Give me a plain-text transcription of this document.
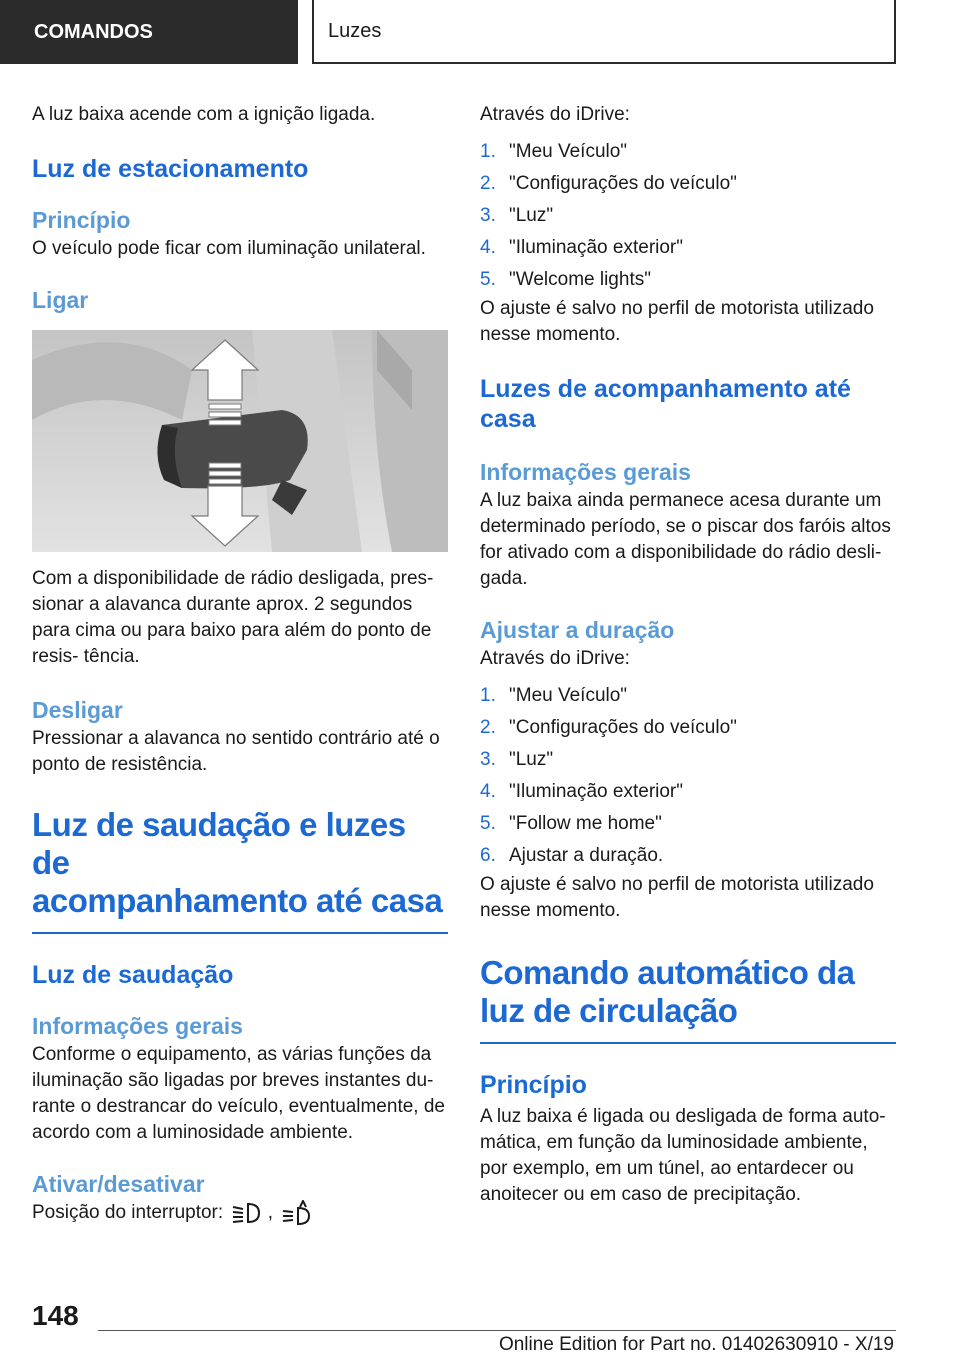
COMANDOS	Luzes

A luz baixa acende com a ignição ligada.

Luz de estacionamento
Princípio

O veículo pode ficar com iluminação unilateral.

Ligar

Com a disponibilidade de rádio desligada, pres- sionar a alavanca durante aprox. 2 segundos para cima ou para baixo para além do ponto de resis- tência.

Desligar

Pressionar a alavanca no sentido contrário até o ponto de resistência.

Luz de saudação e luzes de
acompanhamento até casa
Luz de saudação
Informações gerais

Conforme o equipamento, as várias funções da iluminação são ligadas por breves instantes du- rante o destrancar do veículo, eventualmente, de acordo com a luminosidade ambiente.

Ativar/desativar

Posição do interruptor: ,

Através do iDrive:

1. "Meu Veículo"
2. "Configurações do veículo"
3. "Luz"
4. "Iluminação exterior"
5. "Welcome lights"

O ajuste é salvo no perfil de motorista utilizado nesse momento.

Luzes de acompanhamento até casa
Informações gerais

A luz baixa ainda permanece acesa durante um determinado período, se o piscar dos faróis altos for ativado com a disponibilidade do rádio desli- gada.

Ajustar a duração

Através do iDrive:

1. "Meu Veículo"
2. "Configurações do veículo"
3. "Luz"
4. "Iluminação exterior"
5. "Follow me home"
6. Ajustar a duração.

O ajuste é salvo no perfil de motorista utilizado nesse momento.

Comando automático da
luz de circulação
Princípio

A luz baixa é ligada ou desligada de forma auto- mática, em função da luminosidade ambiente, por exemplo, em um túnel, ao entardecer ou anoitecer ou em caso de precipitação.

148
Online Edition for Part no. 01402630910 - X/19
